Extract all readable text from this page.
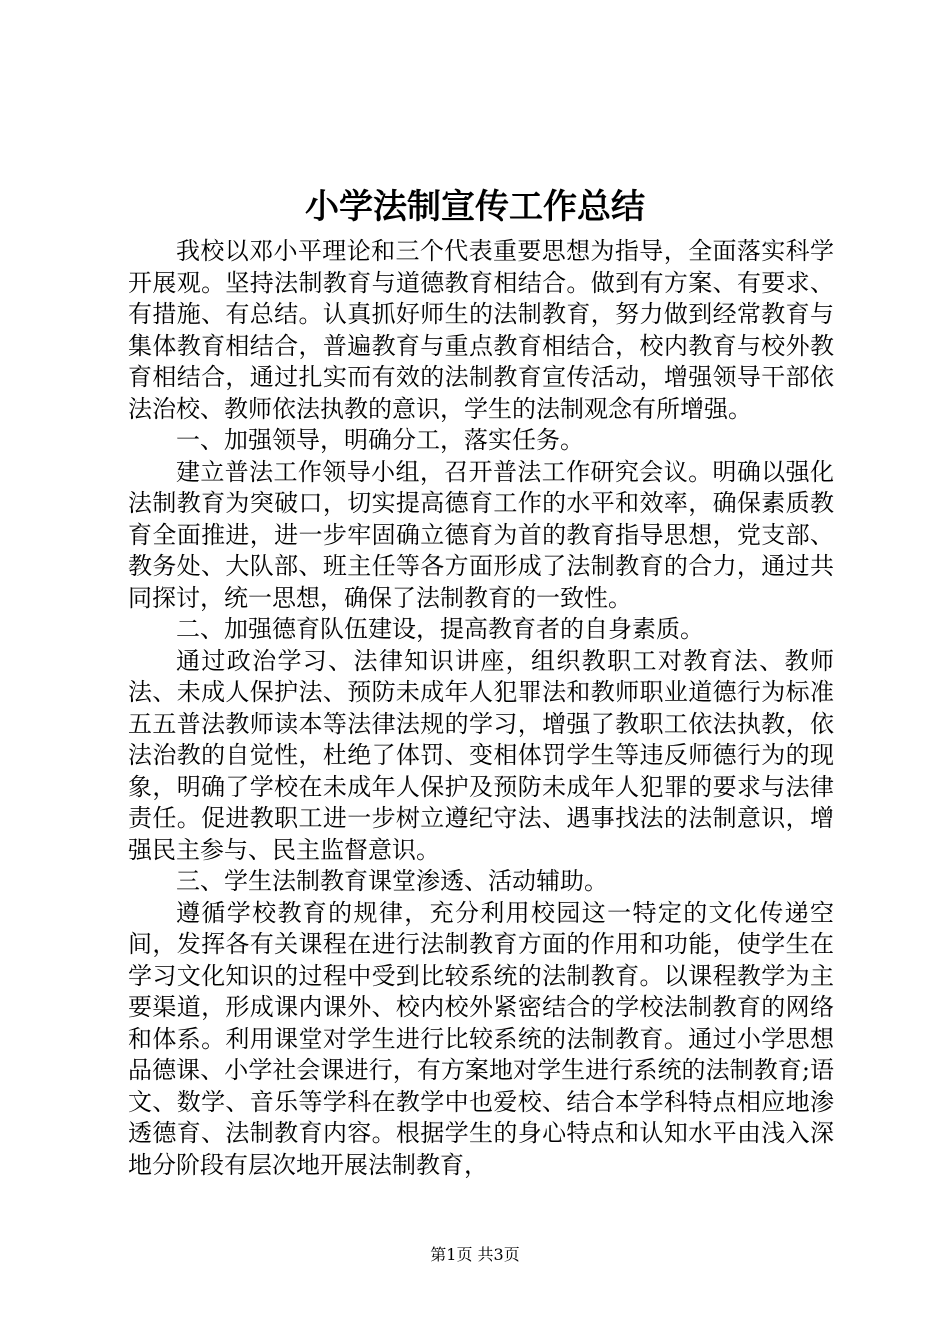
小学法制宣传工作总结

我校以邓小平理论和三个代表重要思想为指导，全面落实科学开展观。坚持法制教育与道德教育相结合。做到有方案、有要求、有措施、有总结。认真抓好师生的法制教育，努力做到经常教育与集体教育相结合，普遍教育与重点教育相结合，校内教育与校外教育相结合，通过扎实而有效的法制教育宣传活动，增强领导干部依法治校、教师依法执教的意识，学生的法制观念有所增强。

一、加强领导，明确分工，落实任务。

建立普法工作领导小组，召开普法工作研究会议。明确以强化法制教育为突破口，切实提高德育工作的水平和效率，确保素质教育全面推进，进一步牢固确立德育为首的教育指导思想，党支部、教务处、大队部、班主任等各方面形成了法制教育的合力，通过共同探讨，统一思想，确保了法制教育的一致性。

二、加强德育队伍建设，提高教育者的自身素质。

通过政治学习、法律知识讲座，组织教职工对教育法、教师法、未成人保护法、预防未成年人犯罪法和教师职业道德行为标准五五普法教师读本等法律法规的学习，增强了教职工依法执教，依法治教的自觉性，杜绝了体罚、变相体罚学生等违反师德行为的现象，明确了学校在未成年人保护及预防未成年人犯罪的要求与法律责任。促进教职工进一步树立遵纪守法、遇事找法的法制意识，增强民主参与、民主监督意识。

三、学生法制教育课堂渗透、活动辅助。

遵循学校教育的规律，充分利用校园这一特定的文化传递空间，发挥各有关课程在进行法制教育方面的作用和功能，使学生在学习文化知识的过程中受到比较系统的法制教育。以课程教学为主要渠道，形成课内课外、校内校外紧密结合的学校法制教育的网络和体系。利用课堂对学生进行比较系统的法制教育。通过小学思想品德课、小学社会课进行，有方案地对学生进行系统的法制教育;语文、数学、音乐等学科在教学中也爱校、结合本学科特点相应地渗透德育、法制教育内容。根据学生的身心特点和认知水平由浅入深地分阶段有层次地开展法制教育，

第1页 共3页
